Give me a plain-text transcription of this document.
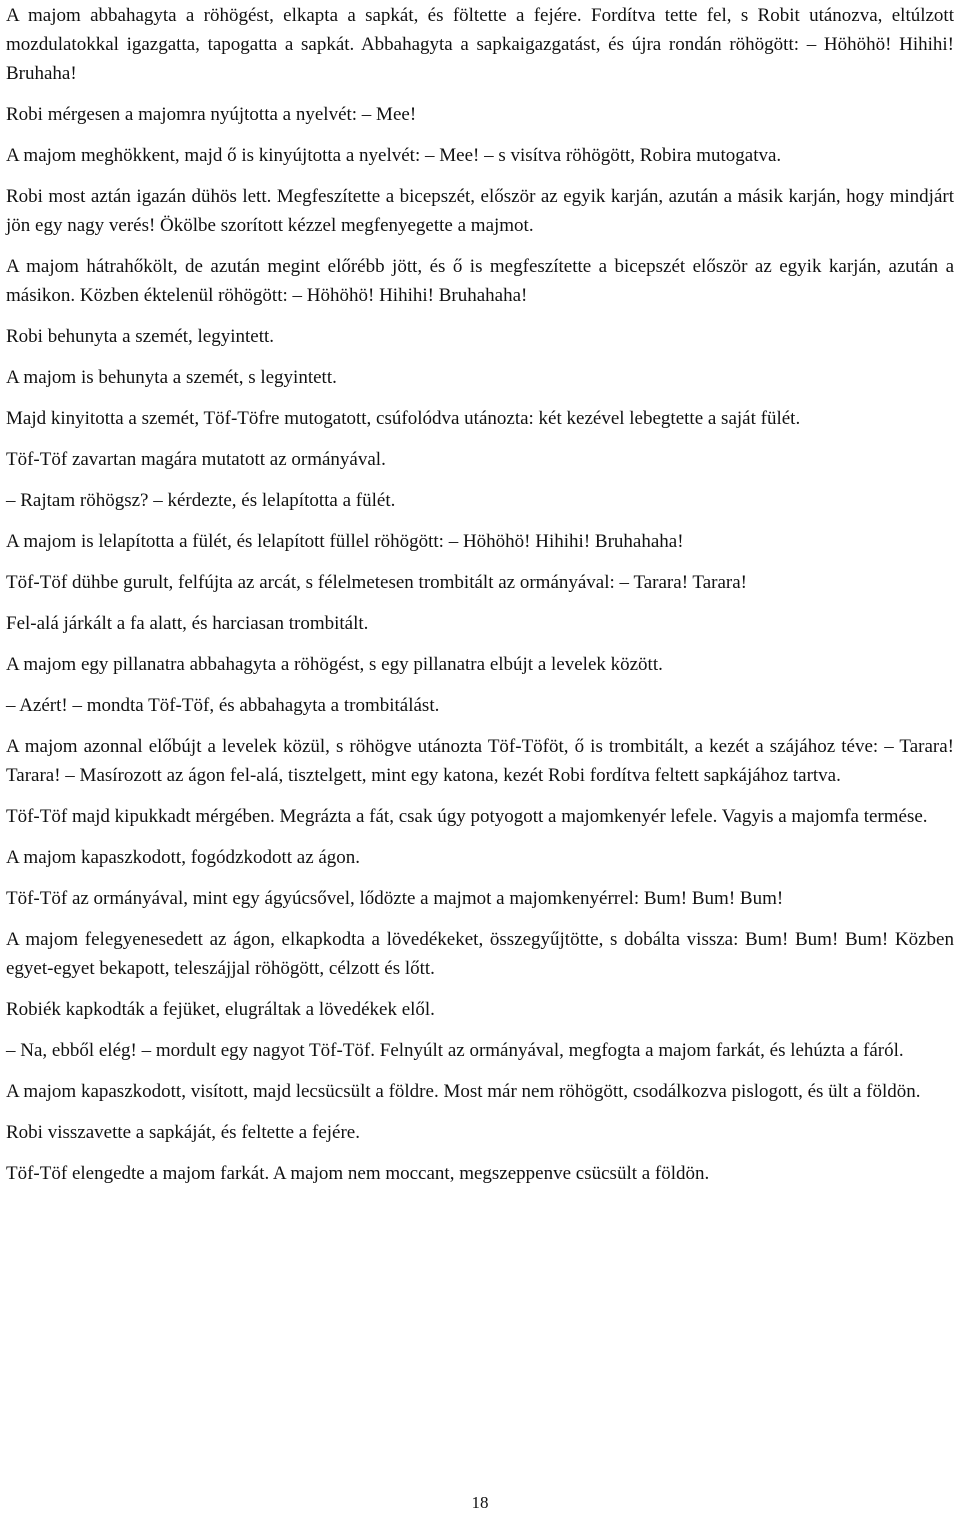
A majom abbahagyta a röhögést, elkapta a sapkát, és föltette a fejére. Fordítva tette fel, s Robit utánozva, eltúlzott mozdulatokkal igazgatta, tapogatta a sapkát. Abbahagyta a sapkaigazgatást, és újra rondán röhögött: – Höhöhö! Hihihi! Bruhaha!

Robi mérgesen a majomra nyújtotta a nyelvét: – Mee!

A majom meghökkent, majd ő is kinyújtotta a nyelvét: – Mee! – s visítva röhögött, Robira mutogatva.

Robi most aztán igazán dühös lett. Megfeszítette a bicepszét, először az egyik karján, azután a másik karján, hogy mindjárt jön egy nagy verés! Ökölbe szorított kézzel megfenyegette a majmot.

A majom hátrahőkölt, de azután megint előrébb jött, és ő is megfeszítette a bicepszét először az egyik karján, azután a másikon. Közben éktelenül röhögött: – Höhöhö! Hihihi! Bruhahaha!

Robi behunyta a szemét, legyintett.

A majom is behunyta a szemét, s legyintett.

Majd kinyitotta a szemét, Töf-Töfre mutogatott, csúfolódva utánozta: két kezével lebegtette a saját fülét.

Töf-Töf zavartan magára mutatott az ormányával.

– Rajtam röhögsz? – kérdezte, és lelapította a fülét.

A majom is lelapította a fülét, és lelapított füllel röhögött: – Höhöhö! Hihihi! Bruhahaha!

Töf-Töf dühbe gurult, felfújta az arcát, s félelmetesen trombitált az ormányával: – Tarara! Tarara!

Fel-alá járkált a fa alatt, és harciasan trombitált.

A majom egy pillanatra abbahagyta a röhögést, s egy pillanatra elbújt a levelek között.

– Azért! – mondta Töf-Töf, és abbahagyta a trombitálást.

A majom azonnal előbújt a levelek közül, s röhögve utánozta Töf-Töföt, ő is trombitált, a kezét a szájához téve: – Tarara! Tarara! – Masírozott az ágon fel-alá, tisztelgett, mint egy katona, kezét Robi fordítva feltett sapkájához tartva.

Töf-Töf majd kipukkadt mérgében. Megrázta a fát, csak úgy potyogott a majomkenyér lefele. Vagyis a majomfa termése.

A majom kapaszkodott, fogódzkodott az ágon.

Töf-Töf az ormányával, mint egy ágyúcsővel, lődözte a majmot a majomkenyérrel: Bum! Bum! Bum!

A majom felegyenesedett az ágon, elkapkodta a lövedékeket, összegyűjtötte, s dobálta vissza: Bum! Bum! Bum! Közben egyet-egyet bekapott, teleszájjal röhögött, célzott és lőtt.

Robiék kapkodták a fejüket, elugráltak a lövedékek elől.

– Na, ebből elég! – mordult egy nagyot Töf-Töf. Felnyúlt az ormányával, megfogta a majom farkát, és lehúzta a fáról.

A majom kapaszkodott, visított, majd lecsücsült a földre. Most már nem röhögött, csodálkozva pislogott, és ült a földön.

Robi visszavette a sapkáját, és feltette a fejére.

Töf-Töf elengedte a majom farkát. A majom nem moccant, megszeppenve csücsült a földön.

18
